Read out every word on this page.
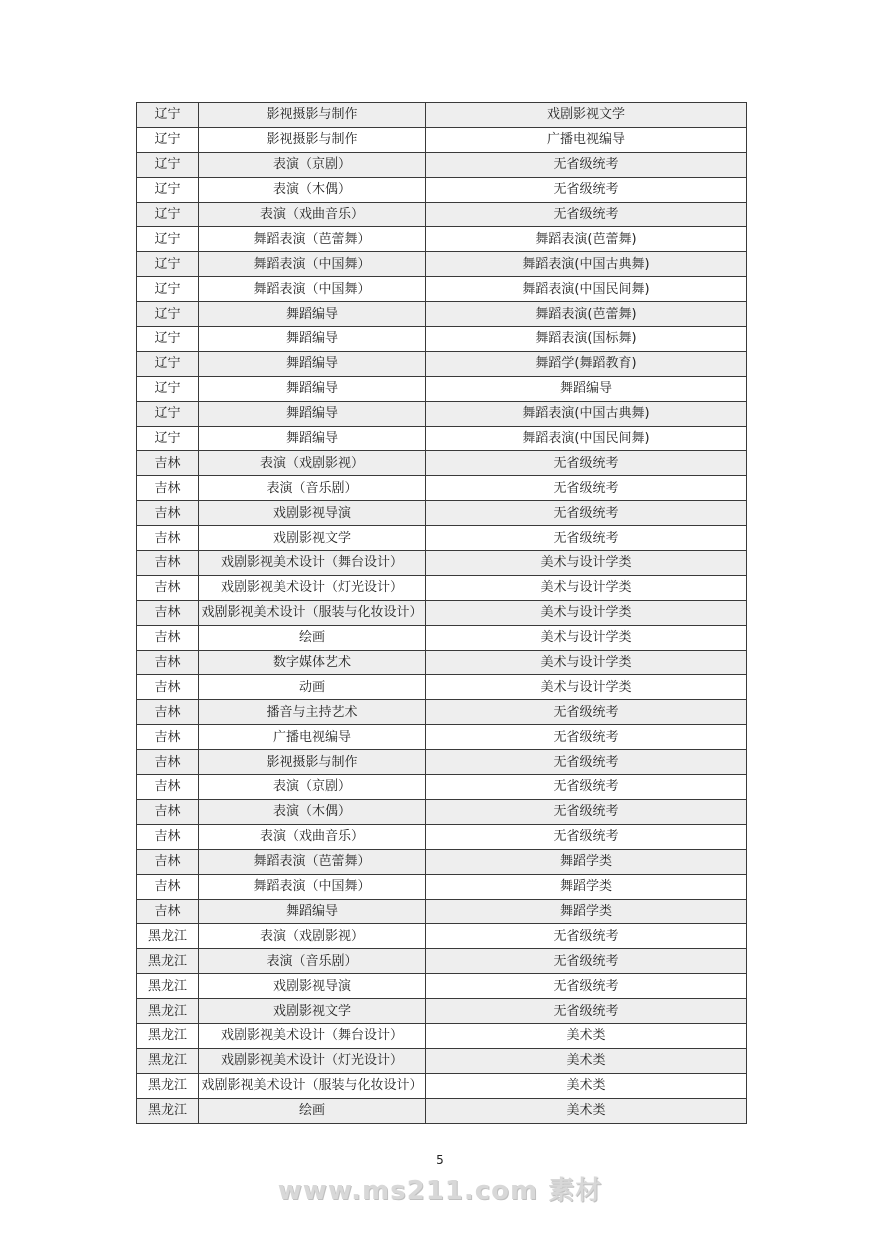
辽宁	影视摄影与制作	戏剧影视文学
辽宁	影视摄影与制作	广播电视编导
辽宁	表演（京剧）	无省级统考
辽宁	表演（木偶）	无省级统考
辽宁	表演（戏曲音乐）	无省级统考
辽宁	舞蹈表演（芭蕾舞）	舞蹈表演(芭蕾舞)
辽宁	舞蹈表演（中国舞）	舞蹈表演(中国古典舞)
辽宁	舞蹈表演（中国舞）	舞蹈表演(中国民间舞)
辽宁	舞蹈编导	舞蹈表演(芭蕾舞)
辽宁	舞蹈编导	舞蹈表演(国标舞)
辽宁	舞蹈编导	舞蹈学(舞蹈教育)
辽宁	舞蹈编导	舞蹈编导
辽宁	舞蹈编导	舞蹈表演(中国古典舞)
辽宁	舞蹈编导	舞蹈表演(中国民间舞)
吉林	表演（戏剧影视）	无省级统考
吉林	表演（音乐剧）	无省级统考
吉林	戏剧影视导演	无省级统考
吉林	戏剧影视文学	无省级统考
吉林	戏剧影视美术设计（舞台设计）	美术与设计学类
吉林	戏剧影视美术设计（灯光设计）	美术与设计学类
吉林	戏剧影视美术设计（服装与化妆设计）	美术与设计学类
吉林	绘画	美术与设计学类
吉林	数字媒体艺术	美术与设计学类
吉林	动画	美术与设计学类
吉林	播音与主持艺术	无省级统考
吉林	广播电视编导	无省级统考
吉林	影视摄影与制作	无省级统考
吉林	表演（京剧）	无省级统考
吉林	表演（木偶）	无省级统考
吉林	表演（戏曲音乐）	无省级统考
吉林	舞蹈表演（芭蕾舞）	舞蹈学类
吉林	舞蹈表演（中国舞）	舞蹈学类
吉林	舞蹈编导	舞蹈学类
黑龙江	表演（戏剧影视）	无省级统考
黑龙江	表演（音乐剧）	无省级统考
黑龙江	戏剧影视导演	无省级统考
黑龙江	戏剧影视文学	无省级统考
黑龙江	戏剧影视美术设计（舞台设计）	美术类
黑龙江	戏剧影视美术设计（灯光设计）	美术类
黑龙江	戏剧影视美术设计（服装与化妆设计）	美术类
黑龙江	绘画	美术类
5
www.ms211.com 素材
